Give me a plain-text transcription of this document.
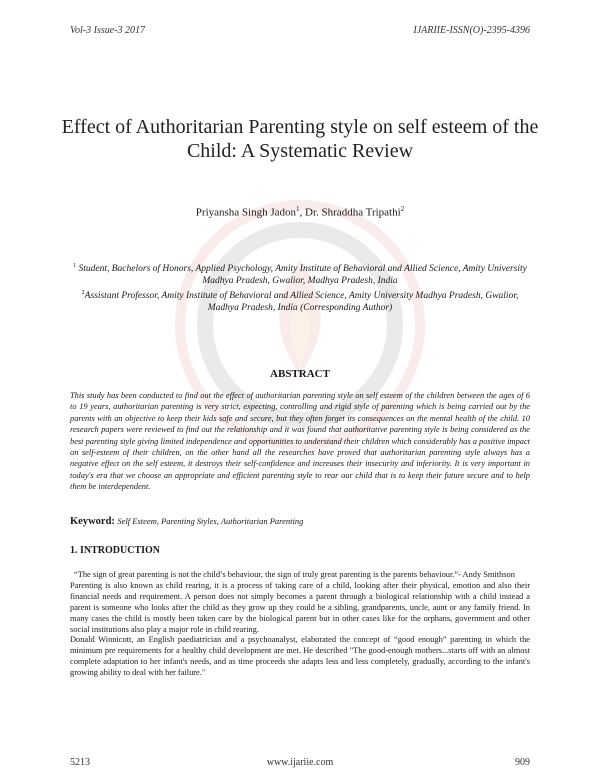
Vol-3 Issue-3 2017	IJARIIE-ISSN(O)-2395-4396
Effect of Authoritarian Parenting style on self esteem of the Child: A Systematic Review
Priyansha Singh Jadon$^1$, Dr. Shraddha Tripathi$^2$
$^1$ Student, Bachelors of Honors, Applied Psychology, Amity Institute of Behavioral and Allied Science, Amity University Madhya Pradesh, Gwalior, Madhya Pradesh, India
$^2$Assistant Professor, Amity Institute of Behavioral and Allied Science, Amity University Madhya Pradesh, Gwalior, Madhya Pradesh, India (Corresponding Author)
ABSTRACT
This study has been conducted to find out the effect of authoritarian parenting style on self esteem of the children between the ages of 6 to 19 years, authoritarian parenting is very strict, expecting, controlling and rigid style of parenting which is being carried out by the parents with an objective to keep their kids safe and secure, but they often forget its consequences on the mental health of the child. 10 research papers were reviewed to find out the relationship and it was found that authoritative parenting style is being considered as the best parenting style giving limited independence and opportunities to understand their children which considerably has a positive impact on self-esteem of their children, on the other hand all the researches have proved that authoritarian parenting style always has a negative effect on the self esteem, it destroys their self-confidence and increases their insecurity and inferiority. It is very important in today's era that we choose an appropriate and efficient parenting style to rear our child that is to keep their future secure and to help them be interdependent.
Keyword: Self Esteem, Parenting Styles, Authoritarian Parenting
1. INTRODUCTION

“The sign of great parenting is not the child’s behaviour, the sign of truly great parenting is the parents behaviour.”- Andy Smithson

Parenting is also known as child rearing, it is a process of taking care of a child, looking after their physical, emotion and also their financial needs and requirement. A person does not simply becomes a parent through a biological relationship with a child instead a parent is someone who looks after the child as they grow up they could be a sibling, grandparents, uncle, aunt or any family friend. In many cases the child is mostly been taken care by the biological parent but in other cases like for the orphans, government and other social institutions also play a major role in child rearing.

Donald Winnicott, an English paediatrician and a psychoanalyst, elaborated the concept of “good enough” parenting in which the minimum pre requirements for a healthy child development are met. He described "The good-enough mothers...starts off with an almost complete adaptation to her infant's needs, and as time proceeds she adapts less and less completely, gradually, according to the infant's growing ability to deal with her failure."

5213	www.ijariie.com	909
